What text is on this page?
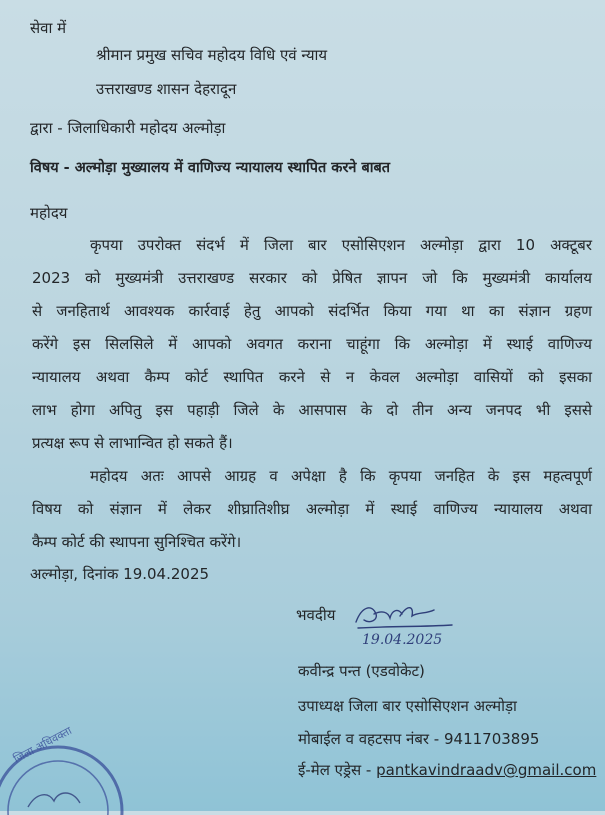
सेवा में
श्रीमान प्रमुख सचिव महोदय विधि एवं न्याय
उत्तराखण्ड शासन देहरादून
द्वारा - जिलाधिकारी महोदय अल्मोड़ा
विषय - अल्मोड़ा मुख्यालय में वाणिज्य न्यायालय स्थापित करने बाबत
महोदय
कृपया उपरोक्त संदर्भ में जिला बार एसोसिएशन अल्मोड़ा द्वारा 10 अक्टूबर
2023 को मुख्यमंत्री उत्तराखण्ड सरकार को प्रेषित ज्ञापन जो कि मुख्यमंत्री कार्यालय
से जनहितार्थ आवश्यक कार्रवाई हेतु आपको संदर्भित किया गया था का संज्ञान ग्रहण
करेंगे इस सिलसिले में आपको अवगत कराना चाहूंगा कि अल्मोड़ा में स्थाई वाणिज्य
न्यायालय अथवा कैम्प कोर्ट स्थापित करने से न केवल अल्मोड़ा वासियों को इसका
लाभ होगा अपितु इस पहाड़ी जिले के आसपास के दो तीन अन्य जनपद भी इससे
प्रत्यक्ष रूप से लाभान्वित हो सकते हैं।
महोदय अतः आपसे आग्रह व अपेक्षा है कि कृपया जनहित के इस महत्वपूर्ण
विषय को संज्ञान में लेकर शीघ्रातिशीघ्र अल्मोड़ा में स्थाई वाणिज्य न्यायालय अथवा
कैम्प कोर्ट की स्थापना सुनिश्चित करेंगे।
अल्मोड़ा, दिनांक 19.04.2025
भवदीय
19.04.2025
कवीन्द्र पन्त (एडवोकेट)
उपाध्यक्ष जिला बार एसोसिएशन अल्मोड़ा
मोबाईल व वहटसप नंबर - 9411703895
ई-मेल एड्रेस - pantkavindraadv@gmail.com
जिला अधिवक्ता
